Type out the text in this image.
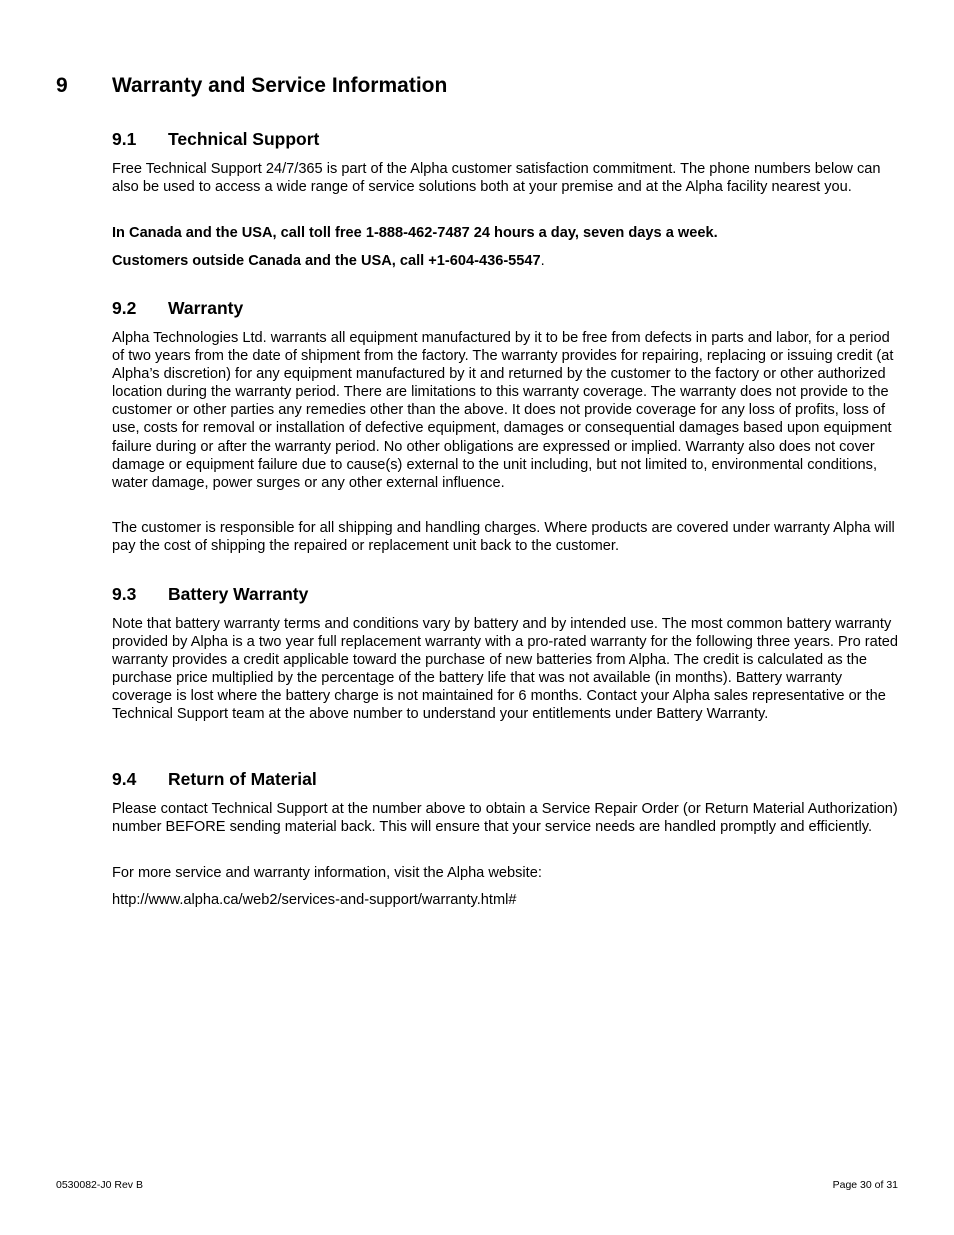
9 Warranty and Service Information
9.1 Technical Support
Free Technical Support 24/7/365 is part of the Alpha customer satisfaction commitment. The phone numbers below can also be used to access a wide range of service solutions both at your premise and at the Alpha facility nearest you.
In Canada and the USA, call toll free 1-888-462-7487 24 hours a day, seven days a week.
Customers outside Canada and the USA, call +1-604-436-5547.
9.2 Warranty
Alpha Technologies Ltd. warrants all equipment manufactured by it to be free from defects in parts and labor, for a period of two years from the date of shipment from the factory. The warranty provides for repairing, replacing or issuing credit (at Alpha’s discretion) for any equipment manufactured by it and returned by the customer to the factory or other authorized location during the warranty period. There are limitations to this warranty coverage. The warranty does not provide to the customer or other parties any remedies other than the above. It does not provide coverage for any loss of profits, loss of use, costs for removal or installation of defective equipment, damages or consequential damages based upon equipment failure during or after the warranty period. No other obligations are expressed or implied. Warranty also does not cover damage or equipment failure due to cause(s) external to the unit including, but not limited to, environmental conditions, water damage, power surges or any other external influence.
The customer is responsible for all shipping and handling charges. Where products are covered under warranty Alpha will pay the cost of shipping the repaired or replacement unit back to the customer.
9.3 Battery Warranty
Note that battery warranty terms and conditions vary by battery and by intended use. The most common battery warranty provided by Alpha is a two year full replacement warranty with a pro-rated warranty for the following three years. Pro rated warranty provides a credit applicable toward the purchase of new batteries from Alpha. The credit is calculated as the purchase price multiplied by the percentage of the battery life that was not available (in months). Battery warranty coverage is lost where the battery charge is not maintained for 6 months. Contact your Alpha sales representative or the Technical Support team at the above number to understand your entitlements under Battery Warranty.
9.4 Return of Material
Please contact Technical Support at the number above to obtain a Service Repair Order (or Return Material Authorization) number BEFORE sending material back. This will ensure that your service needs are handled promptly and efficiently.
For more service and warranty information, visit the Alpha website:
http://www.alpha.ca/web2/services-and-support/warranty.html#
0530082-J0 Rev B	Page 30 of 31
